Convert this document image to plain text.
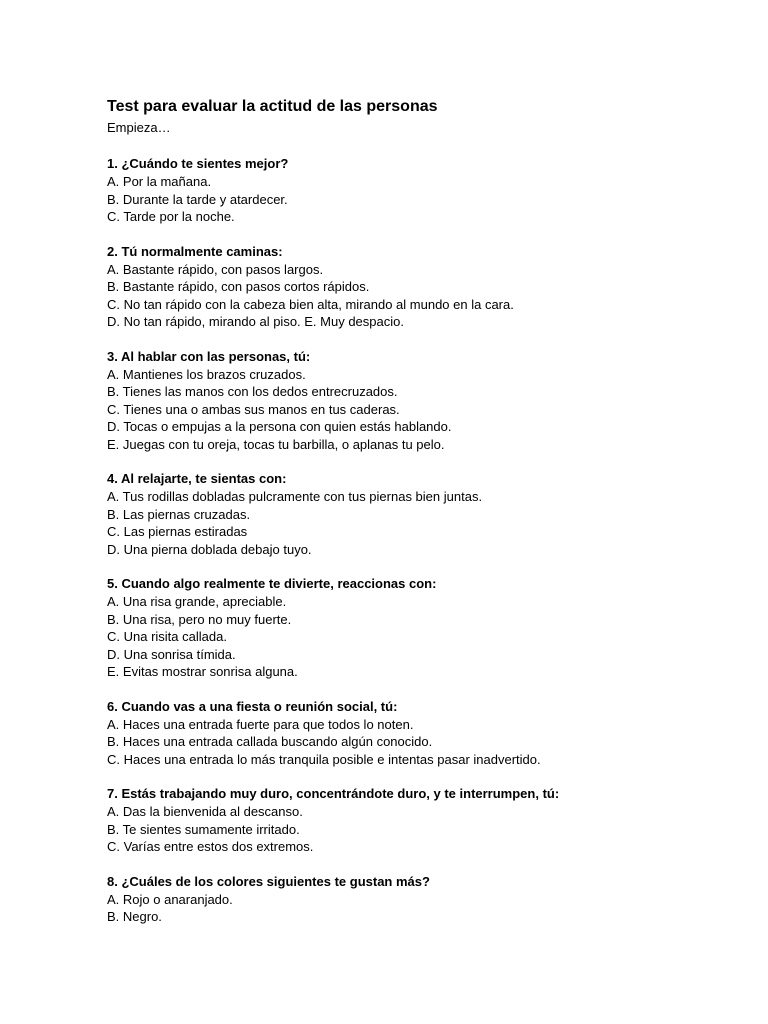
Test para evaluar la actitud de las personas

Empieza…

1. ¿Cuándo te sientes mejor?

A. Por la mañana.

B. Durante la tarde y atardecer.

C. Tarde por la noche.

2. Tú normalmente caminas:

A. Bastante rápido, con pasos largos.

B. Bastante rápido, con pasos cortos rápidos.

C. No tan rápido con la cabeza bien alta, mirando al mundo en la cara.

D. No tan rápido, mirando al piso. E. Muy despacio.

3. Al hablar con las personas, tú:

A. Mantienes los brazos cruzados.

B. Tienes las manos con los dedos entrecruzados.

C. Tienes una o ambas sus manos en tus caderas.

D. Tocas o empujas a la persona con quien estás hablando.

E. Juegas con tu oreja, tocas tu barbilla, o aplanas tu pelo.

4. Al relajarte, te sientas con:

A. Tus rodillas dobladas pulcramente con tus piernas bien juntas.

B. Las piernas cruzadas.

C. Las piernas estiradas

D. Una pierna doblada debajo tuyo.

5. Cuando algo realmente te divierte, reaccionas con:

A. Una risa grande, apreciable.

B. Una risa, pero no muy fuerte.

C. Una risita callada.

D. Una sonrisa tímida.

E. Evitas mostrar sonrisa alguna.

6. Cuando vas a una fiesta o reunión social, tú:

A. Haces una entrada fuerte para que todos lo noten.

B. Haces una entrada callada buscando algún conocido.

C. Haces una entrada lo más tranquila posible e intentas pasar inadvertido.

7. Estás trabajando muy duro, concentrándote duro, y te interrumpen, tú:

A. Das la bienvenida al descanso.

B. Te sientes sumamente irritado.

C. Varías entre estos dos extremos.

8. ¿Cuáles de los colores siguientes te gustan más?

A. Rojo o anaranjado.

B. Negro.
